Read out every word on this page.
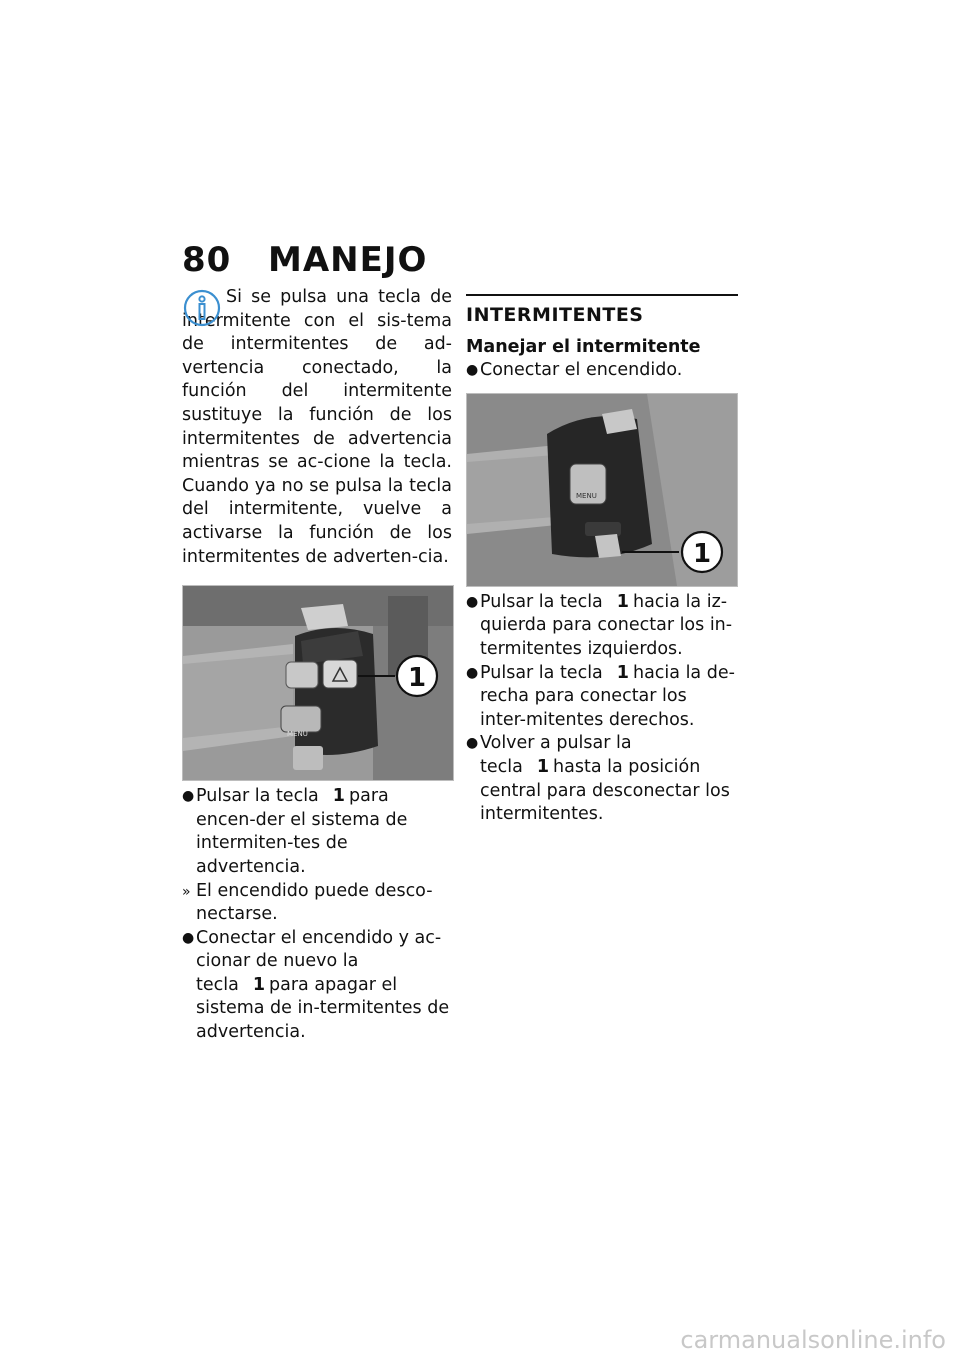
80 MANEJO

Si se pulsa una tecla de intermitente con el sis-tema de intermitentes de ad-vertencia conectado, la función del intermitente sustituye la función de los intermitentes de advertencia mientras se ac-cione la tecla. Cuando ya no se pulsa la tecla del intermitente, vuelve a activarse la función de los intermitentes de adverten-cia.

MENU
1
● Pulsar la tecla 1 para encen-der el sistema de intermiten-tes de advertencia.
» El encendido puede desco-nectarse.
● Conectar el encendido y ac-cionar de nuevo la tecla 1 para apagar el sistema de in-termitentes de advertencia.
INTERMITENTES
Manejar el intermitente
● Conectar el encendido.
MENU
1
● Pulsar la tecla 1 hacia la iz-quierda para conectar los in-termitentes izquierdos.
● Pulsar la tecla 1 hacia la de-recha para conectar los inter-mitentes derechos.
● Volver a pulsar la tecla 1 hasta la posición central para desconectar los intermitentes.
carmanualsonline.info
